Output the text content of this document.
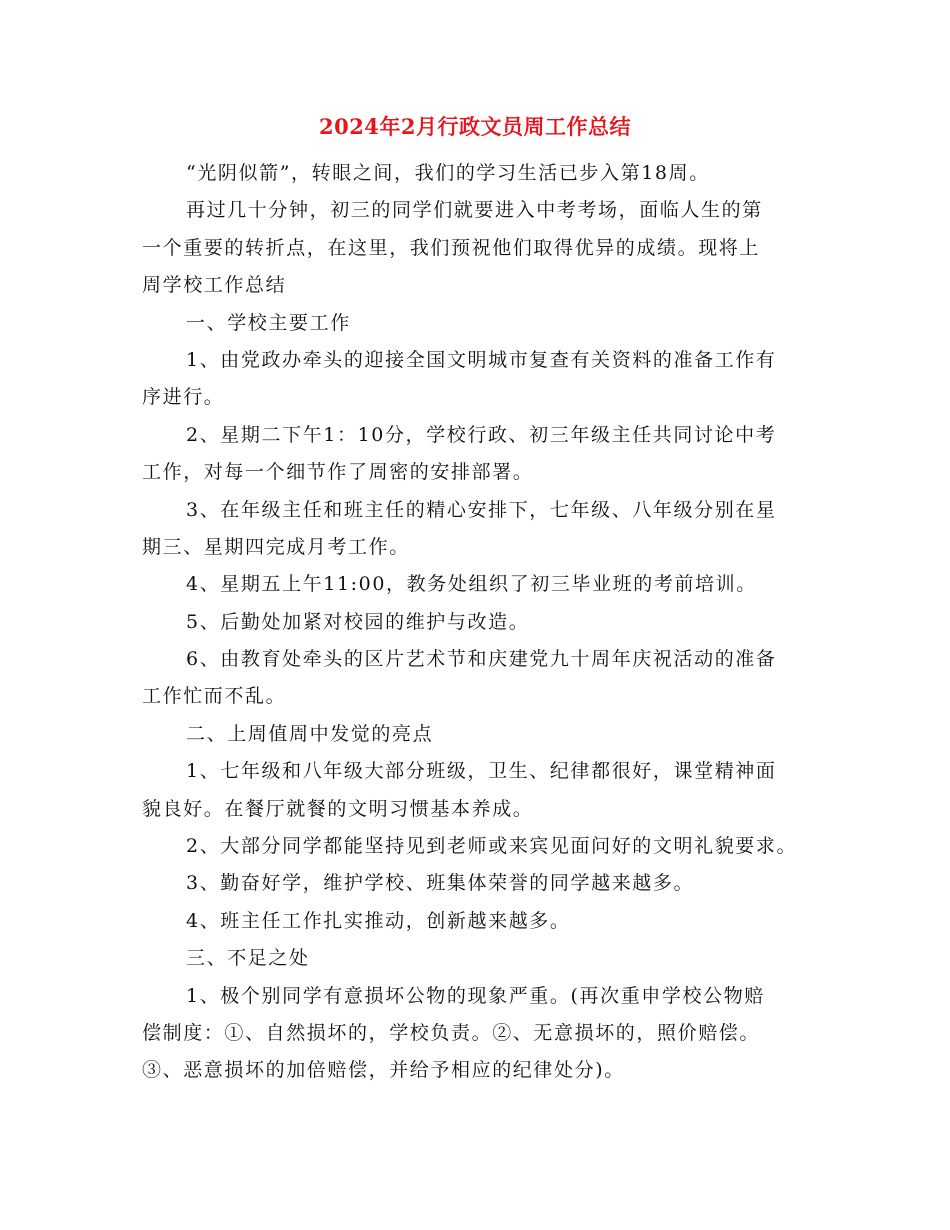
2024年2月行政文员周工作总结
“光阴似箭”，转眼之间，我们的学习生活已步入第18周。
再过几十分钟，初三的同学们就要进入中考考场，面临人生的第
一个重要的转折点，在这里，我们预祝他们取得优异的成绩。现将上
周学校工作总结
一、学校主要工作
1、由党政办牵头的迎接全国文明城市复查有关资料的准备工作有
序进行。
2、星期二下午1：10分，学校行政、初三年级主任共同讨论中考
工作，对每一个细节作了周密的安排部署。
3、在年级主任和班主任的精心安排下，七年级、八年级分别在星
期三、星期四完成月考工作。
4、星期五上午11:00，教务处组织了初三毕业班的考前培训。
5、后勤处加紧对校园的维护与改造。
6、由教育处牵头的区片艺术节和庆建党九十周年庆祝活动的准备
工作忙而不乱。
二、上周值周中发觉的亮点
1、七年级和八年级大部分班级，卫生、纪律都很好，课堂精神面
貌良好。在餐厅就餐的文明习惯基本养成。
2、大部分同学都能坚持见到老师或来宾见面问好的文明礼貌要求。
3、勤奋好学，维护学校、班集体荣誉的同学越来越多。
4、班主任工作扎实推动，创新越来越多。
三、不足之处
1、极个别同学有意损坏公物的现象严重。(再次重申学校公物赔
偿制度：①、自然损坏的，学校负责。②、无意损坏的，照价赔偿。
③、恶意损坏的加倍赔偿，并给予相应的纪律处分)。
